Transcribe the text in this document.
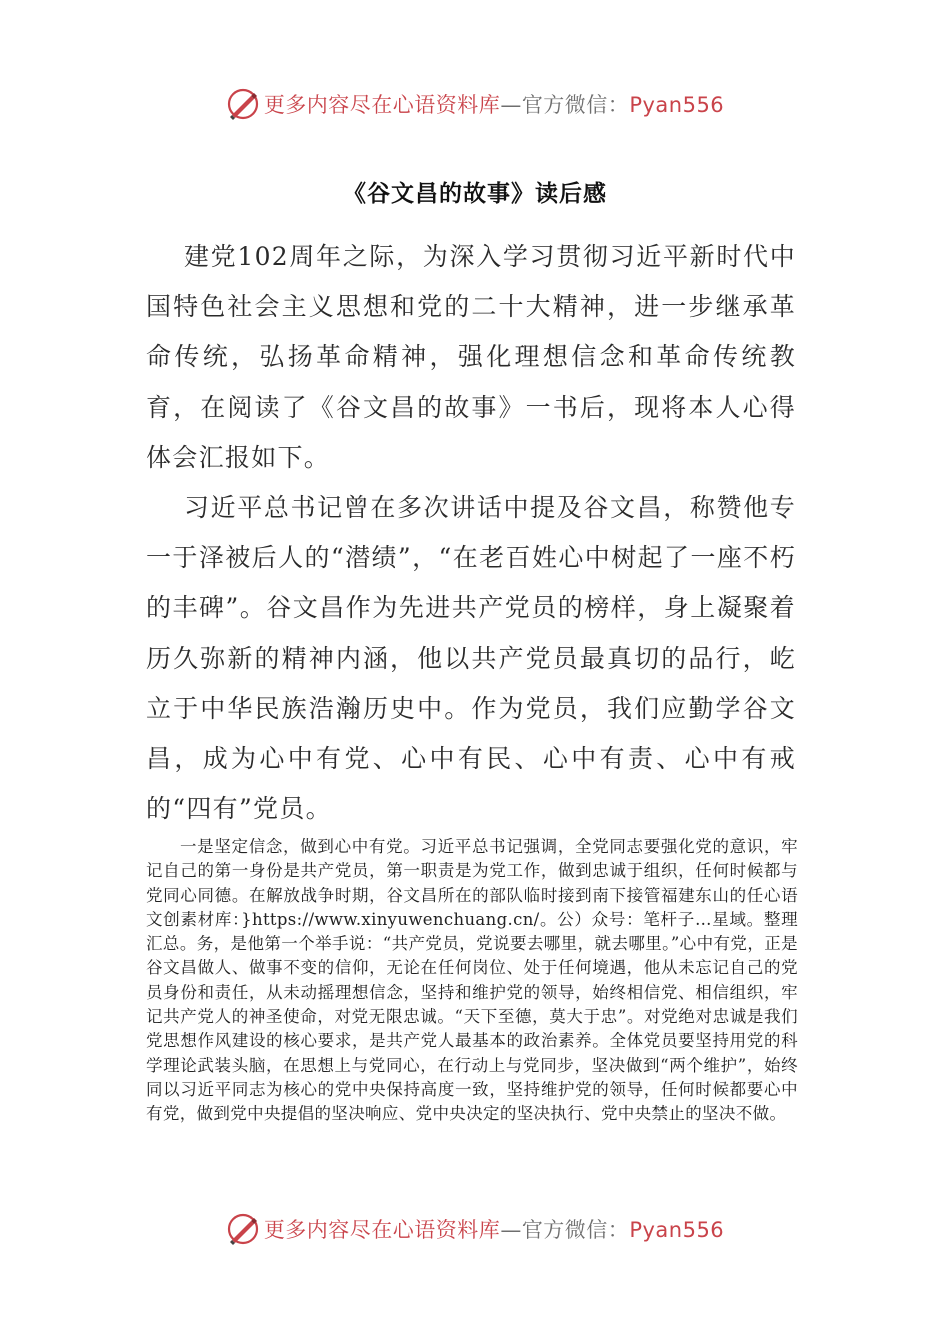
更多内容尽在心语资料库—官方微信：Pyan556
《谷文昌的故事》读后感

建党102周年之际，为深入学习贯彻习近平新时代中国特色社会主义思想和党的二十大精神，进一步继承革命传统，弘扬革命精神，强化理想信念和革命传统教育，在阅读了《谷文昌的故事》一书后，现将本人心得体会汇报如下。

习近平总书记曾在多次讲话中提及谷文昌，称赞他专一于泽被后人的“潜绩”，“在老百姓心中树起了一座不朽的丰碑”。谷文昌作为先进共产党员的榜样，身上凝聚着历久弥新的精神内涵，他以共产党员最真切的品行，屹立于中华民族浩瀚历史中。作为党员，我们应勤学谷文昌，成为心中有党、心中有民、心中有责、心中有戒的“四有”党员。

一是坚定信念，做到心中有党。习近平总书记强调，全党同志要强化党的意识，牢记自己的第一身份是共产党员，第一职责是为党工作，做到忠诚于组织，任何时候都与党同心同德。在解放战争时期，谷文昌所在的部队临时接到南下接管福建东山的任心语文创素材库：}https://www.xinyuwenchuang.cn/。公）众号：笔杆子…星域。整理汇总。务，是他第一个举手说：“共产党员，党说要去哪里，就去哪里。”心中有党，正是谷文昌做人、做事不变的信仰，无论在任何岗位、处于任何境遇，他从未忘记自己的党员身份和责任，从未动摇理想信念，坚持和维护党的领导，始终相信党、相信组织，牢记共产党人的神圣使命，对党无限忠诚。“天下至德，莫大于忠”。对党绝对忠诚是我们党思想作风建设的核心要求，是共产党人最基本的政治素养。全体党员要坚持用党的科学理论武装头脑，在思想上与党同心，在行动上与党同步，坚决做到“两个维护”，始终同以习近平同志为核心的党中央保持高度一致，坚持维护党的领导，任何时候都要心中有党，做到党中央提倡的坚决响应、党中央决定的坚决执行、党中央禁止的坚决不做。

更多内容尽在心语资料库—官方微信：Pyan556
